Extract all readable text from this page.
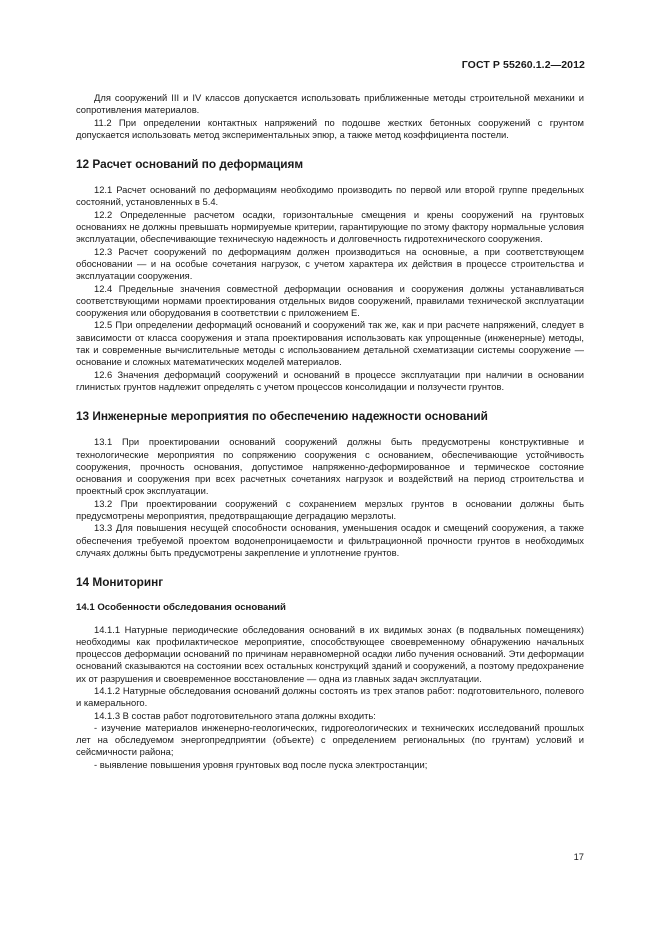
ГОСТ Р 55260.1.2—2012

Для сооружений III и IV классов допускается использовать приближенные методы строительной механики и сопротивления материалов.

11.2 При определении контактных напряжений по подошве жестких бетонных сооружений с грунтом допускается использовать метод экспериментальных эпюр, а также метод коэффициента постели.

12 Расчет оснований по деформациям

12.1 Расчет оснований по деформациям необходимо производить по первой или второй группе предельных состояний, установленных в 5.4.

12.2 Определенные расчетом осадки, горизонтальные смещения и крены сооружений на грунтовых основаниях не должны превышать нормируемые критерии, гарантирующие по этому фактору нормальные условия эксплуатации, обеспечивающие техническую надежность и долговечность гидротехнического сооружения.

12.3 Расчет сооружений по деформациям должен производиться на основные, а при соответствующем обосновании — и на особые сочетания нагрузок, с учетом характера их действия в процессе строительства и эксплуатации сооружения.

12.4 Предельные значения совместной деформации основания и сооружения должны устанавливаться соответствующими нормами проектирования отдельных видов сооружений, правилами технической эксплуатации сооружения или оборудования в соответствии с приложением Е.

12.5 При определении деформаций оснований и сооружений так же, как и при расчете напряжений, следует в зависимости от класса сооружения и этапа проектирования использовать как упрощенные (инженерные) методы, так и современные вычислительные методы с использованием детальной схематизации системы сооружение — основание и сложных математических моделей материалов.

12.6 Значения деформаций сооружений и оснований в процессе эксплуатации при наличии в основании глинистых грунтов надлежит определять с учетом процессов консолидации и ползучести грунтов.

13 Инженерные мероприятия по обеспечению надежности оснований

13.1 При проектировании оснований сооружений должны быть предусмотрены конструктивные и технологические мероприятия по сопряжению сооружения с основанием, обеспечивающие устойчивость сооружения, прочность основания, допустимое напряженно-деформированное и термическое состояние основания и сооружения при всех расчетных сочетаниях нагрузок и воздействий на период строительства и проектный срок эксплуатации.

13.2 При проектировании сооружений с сохранением мерзлых грунтов в основании должны быть предусмотрены мероприятия, предотвращающие деградацию мерзлоты.

13.3 Для повышения несущей способности основания, уменьшения осадок и смещений сооружения, а также обеспечения требуемой проектом водонепроницаемости и фильтрационной прочности грунтов в необходимых случаях должны быть предусмотрены закрепление и уплотнение грунтов.

14 Мониторинг
14.1 Особенности обследования оснований

14.1.1 Натурные периодические обследования оснований в их видимых зонах (в подвальных помещениях) необходимы как профилактическое мероприятие, способствующее своевременному обнаружению начальных процессов деформации оснований по причинам неравномерной осадки либо пучения оснований. Эти деформации оснований сказываются на состоянии всех остальных конструкций зданий и сооружений, а поэтому предохранение их от разрушения и своевременное восстановление — одна из главных задач эксплуатации.

14.1.2 Натурные обследования оснований должны состоять из трех этапов работ: подготовительного, полевого и камерального.

14.1.3 В состав работ подготовительного этапа должны входить:

- изучение материалов инженерно-геологических, гидрогеологических и технических исследований прошлых лет на обследуемом энергопредприятии (объекте) с определением региональных (по грунтам) условий и сейсмичности района;

- выявление повышения уровня грунтовых вод после пуска электростанции;

17
